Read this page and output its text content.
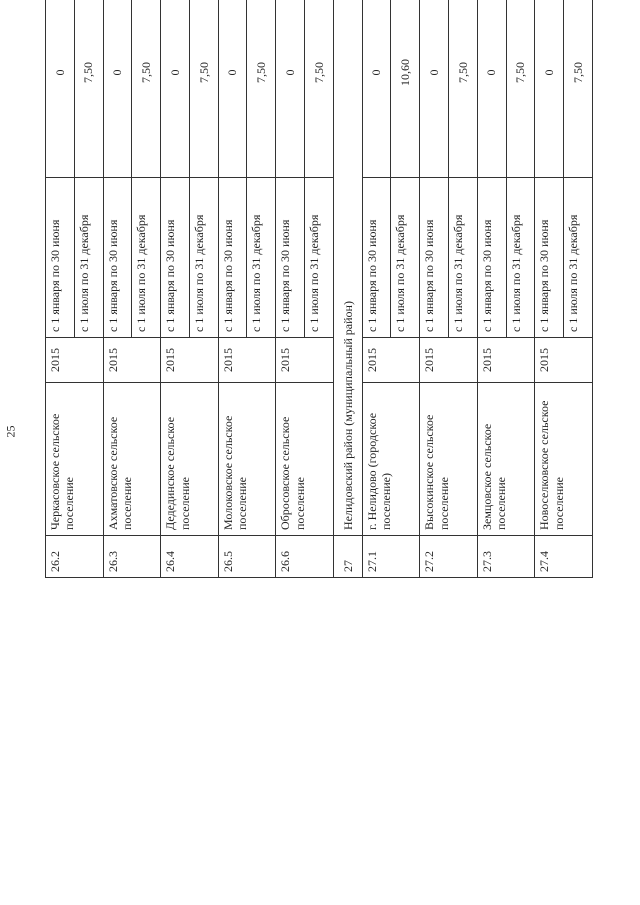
25
26.2	Черкасовское сельское поселение	2015	с 1 января по 30 июня	0	
			с 1 июля по 31 декабря	7,50	
26.3	Ахматовское сельское поселение	2015	с 1 января по 30 июня	0	
			с 1 июля по 31 декабря	7,50	
26.4	Дедединское сельское поселение	2015	с 1 января по 30 июня	0	
			с 1 июля по 31 декабря	7,50	
26.5	Молоковское сельское поселение	2015	с 1 января по 30 июня	0	
			с 1 июля по 31 декабря	7,50	
26.6	Обросовское сельское поселение	2015	с 1 января по 30 июня	0	
			с 1 июля по 31 декабря	7,50	
27	Нелидовский район (муниципальный район)				
27.1	г. Нелидово (городское поселение)	2015	с 1 января по 30 июня	0	
			с 1 июля по 31 декабря	10,60	
27.2	Высокинское сельское поселение	2015	с 1 января по 30 июня	0	
			с 1 июля по 31 декабря	7,50	
27.3	Земцовское сельское поселение	2015	с 1 января по 30 июня	0	
			с 1 июля по 31 декабря	7,50	
27.4	Новоселковское сельское поселение	2015	с 1 января по 30 июня	0	
			с 1 июля по 31 декабря	7,50	
